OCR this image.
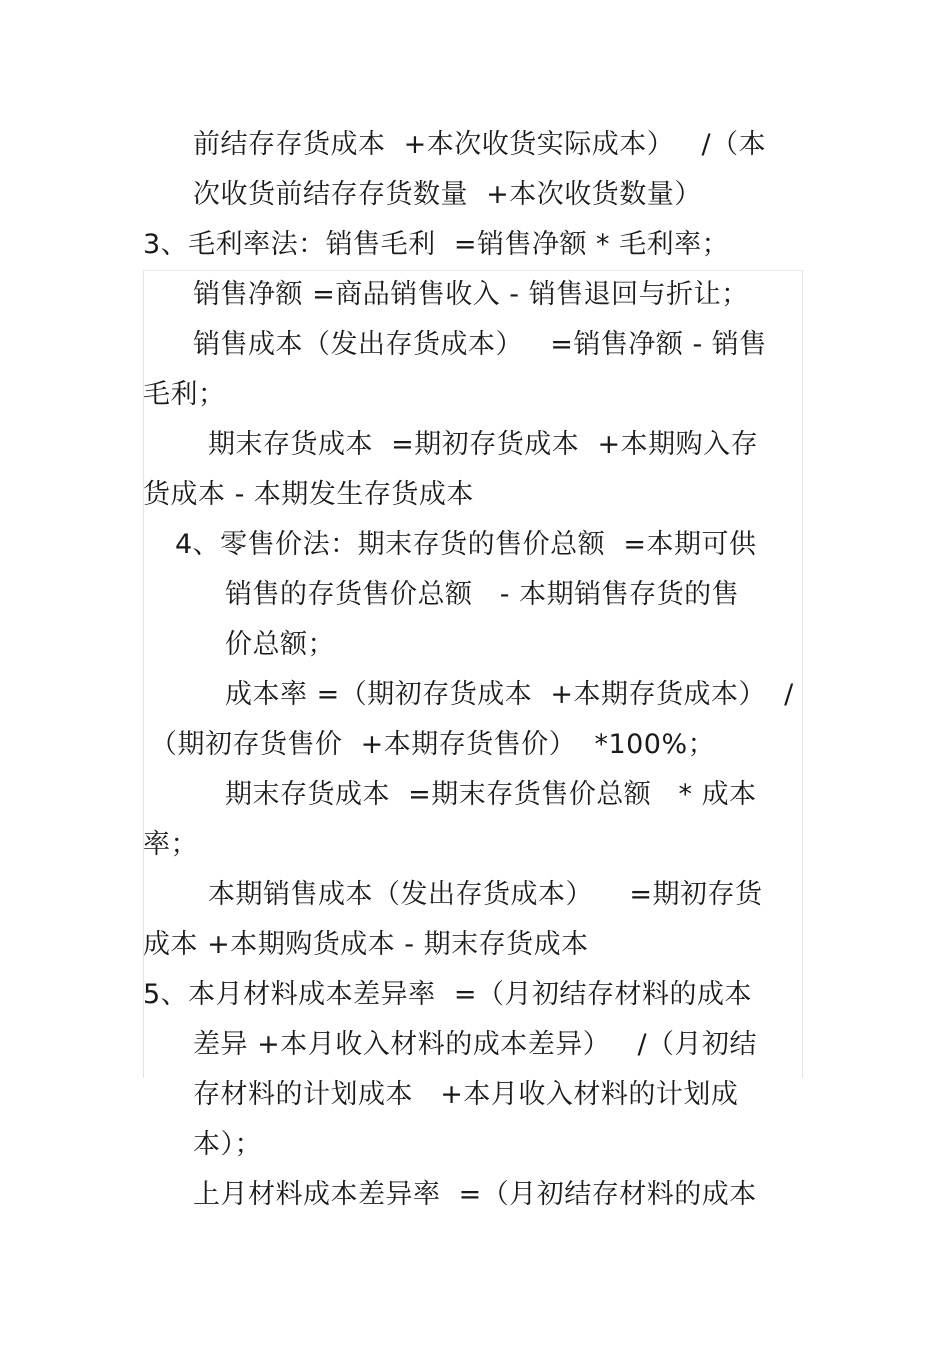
前结存存货成本  +本次收货实际成本）   /（本
次收货前结存存货数量  +本次收货数量）
3、毛利率法：销售毛利  =销售净额 * 毛利率；
销售净额 =商品销售收入 - 销售退回与折让；
销售成本（发出存货成本）   =销售净额 - 销售
毛利；
期末存货成本  =期初存货成本  +本期购入存
货成本 - 本期发生存货成本
4、零售价法：期末存货的售价总额  =本期可供
销售的存货售价总额   - 本期销售存货的售
价总额；
成本率 =（期初存货成本  +本期存货成本）  /
（期初存货售价  +本期存货售价）  *100%；
期末存货成本  =期末存货售价总额   * 成本
率；
本期销售成本（发出存货成本）    =期初存货
成本 +本期购货成本 - 期末存货成本
5、本月材料成本差异率  =（月初结存材料的成本
差异 +本月收入材料的成本差异）   /（月初结
存材料的计划成本   +本月收入材料的计划成
本）；
上月材料成本差异率  =（月初结存材料的成本
